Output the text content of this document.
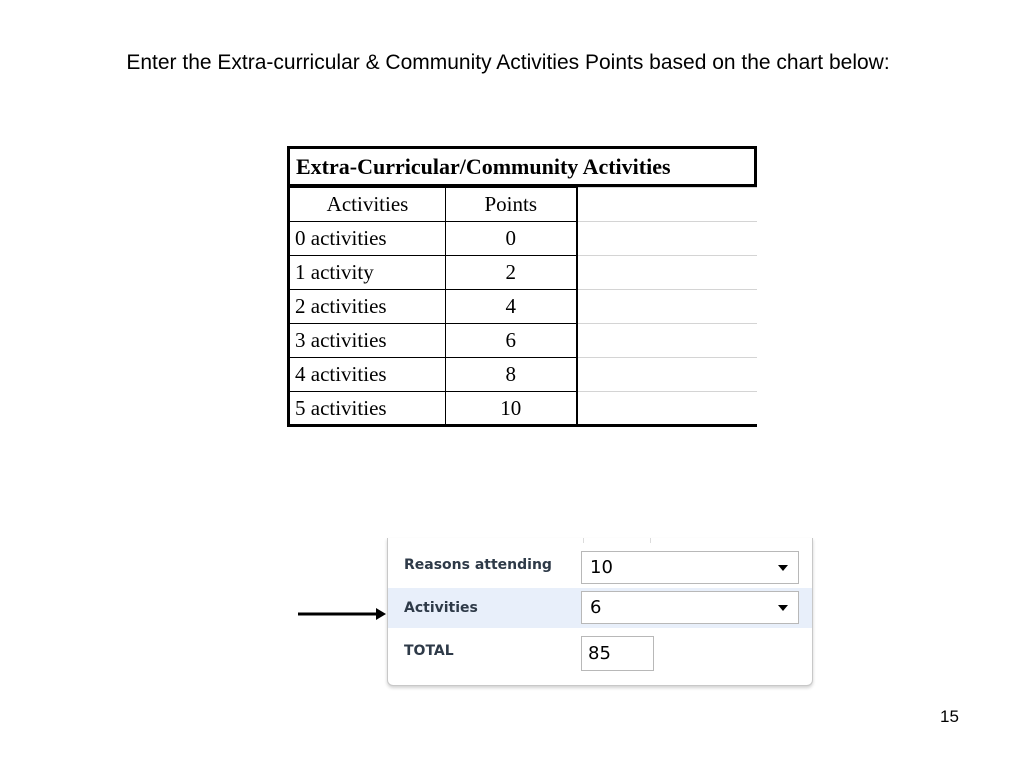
Enter the Extra-curricular & Community Activities Points based on the chart below:
Extra-Curricular/Community Activities
Activities	Points	
0 activities	0	
1 activity	2	
2 activities	4	
3 activities	6	
4 activities	8	
5 activities	10	
Reasons attending	10
Activities	6
TOTAL	85
15
